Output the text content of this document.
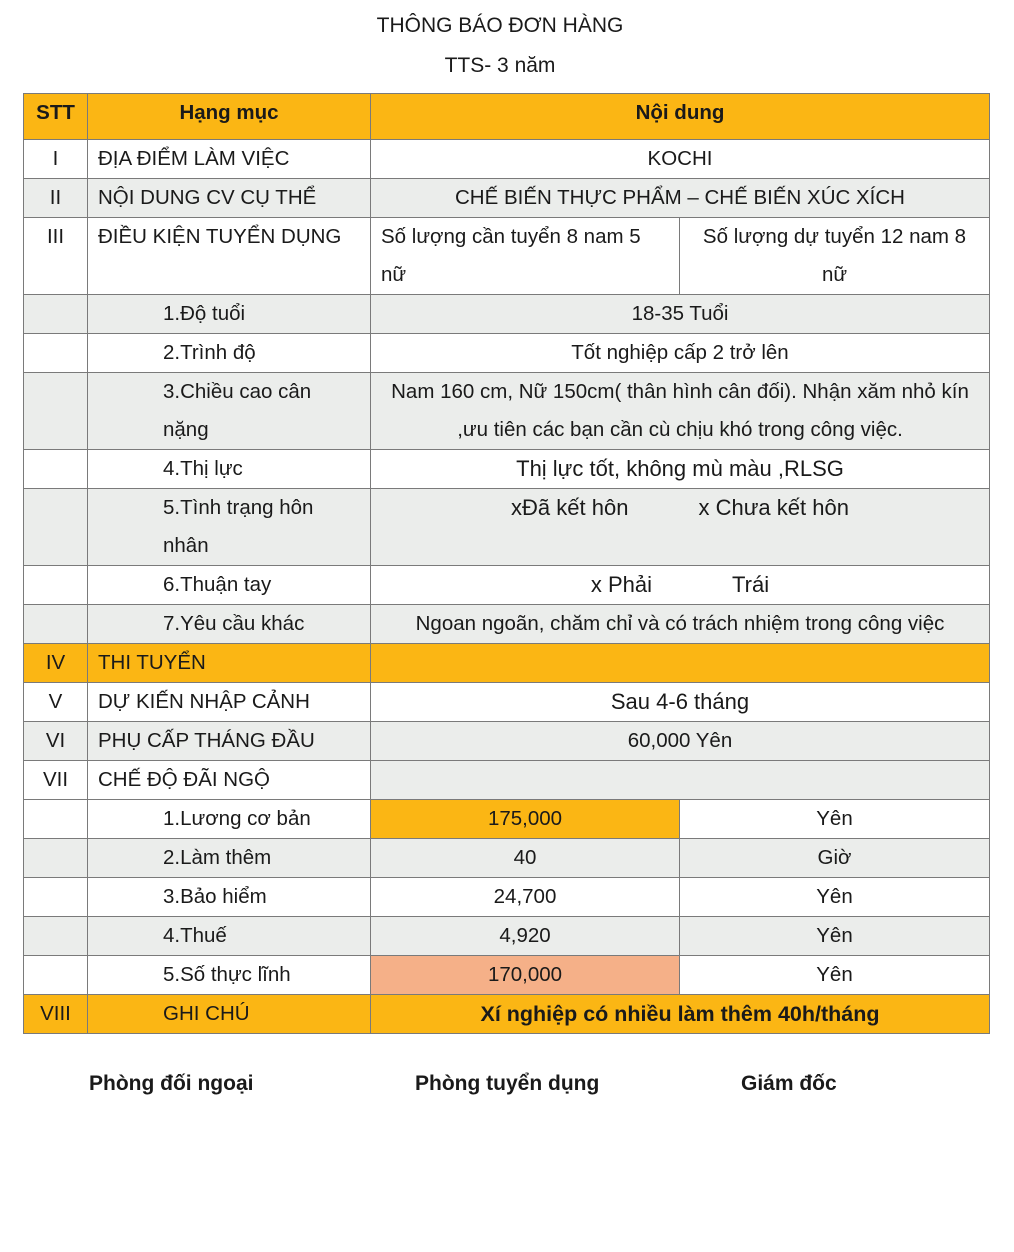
THÔNG BÁO ĐƠN HÀNG
TTS- 3 năm
STT	Hạng mục	Nội dung	
I	ĐỊA ĐIỂM LÀM VIỆC	KOCHI	
II	NỘI DUNG CV CỤ THỂ	CHẾ BIẾN THỰC PHẨM – CHẾ BIẾN XÚC XÍCH	
III	ĐIỀU KIỆN TUYỂN DỤNG	Số lượng cần tuyển 8 nam 5 nữ	Số lượng dự tuyển 12 nam 8 nữ
	1.Độ tuổi	18-35 Tuổi	
	2.Trình độ	Tốt nghiệp cấp 2 trở lên	
	3.Chiều cao cân nặng	Nam 160 cm, Nữ 150cm( thân hình cân đối). Nhận xăm nhỏ kín ,ưu tiên các bạn cần cù chịu khó trong công việc.	
	4.Thị lực	Thị lực tốt, không mù màu ,RLSG	
	5.Tình trạng hôn nhân	xĐã kết hôn x Chưa kết hôn	
	6.Thuận tay	x Phải Trái	
	7.Yêu cầu khác	Ngoan ngoãn, chăm chỉ và có trách nhiệm trong công việc	
IV	THI TUYỂN		
V	DỰ KIẾN NHẬP CẢNH	Sau 4-6 tháng	
VI	PHỤ CẤP THÁNG ĐẦU	60,000 Yên	
VII	CHẾ ĐỘ ĐÃI NGỘ		
	1.Lương cơ bản	175,000	Yên
	2.Làm thêm	40	Giờ
	3.Bảo hiểm	24,700	Yên
	4.Thuế	4,920	Yên
	5.Số thực lĩnh	170,000	Yên
VIII	GHI CHÚ	Xí nghiệp có nhiều làm thêm 40h/tháng	
Phòng đối ngoại	Phòng tuyển dụng	Giám đốc
